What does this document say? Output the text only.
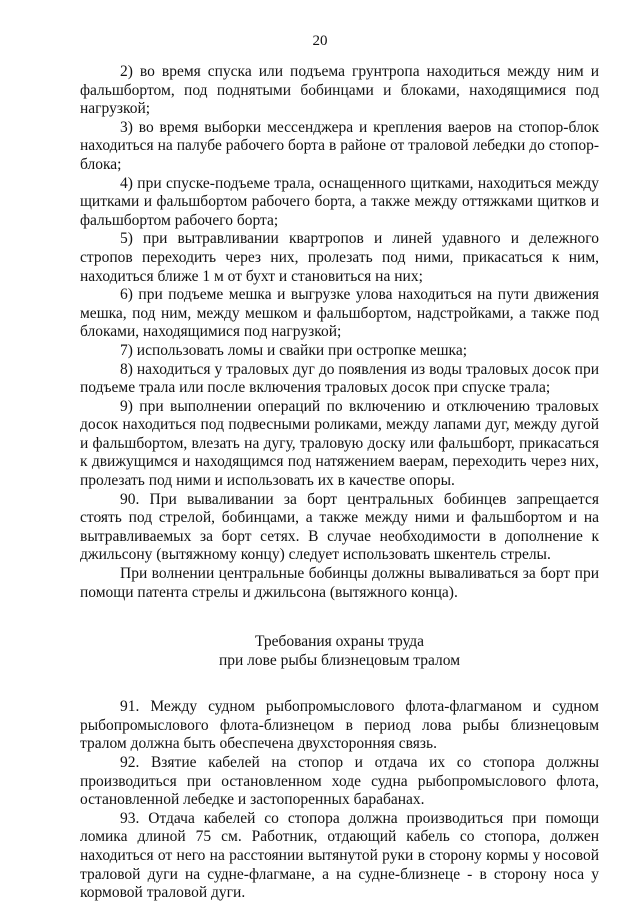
20

2) во время спуска или подъема грунтропа находиться между ним и фальшбортом, под поднятыми бобинцами и блоками, находящимися под нагрузкой;

3) во время выборки мессенджера и крепления ваеров на стопор-блок находиться на палубе рабочего борта в районе от траловой лебедки до стопор-блока;

4) при спуске-подъеме трала, оснащенного щитками, находиться между щитками и фальшбортом рабочего борта, а также между оттяжками щитков и фальшбортом рабочего борта;

5) при вытравливании квартропов и линей удавного и дележного стропов переходить через них, пролезать под ними, прикасаться к ним, находиться ближе 1 м от бухт и становиться на них;

6) при подъеме мешка и выгрузке улова находиться на пути движения мешка, под ним, между мешком и фальшбортом, надстройками, а также под блоками, находящимися под нагрузкой;

7) использовать ломы и свайки при остропке мешка;

8) находиться у траловых дуг до появления из воды траловых досок при подъеме трала или после включения траловых досок при спуске трала;

9) при выполнении операций по включению и отключению траловых досок находиться под подвесными роликами, между лапами дуг, между дугой и фальшбортом, влезать на дугу, траловую доску или фальшборт, прикасаться к движущимся и находящимся под натяжением ваерам, переходить через них, пролезать под ними и использовать их в качестве опоры.

90. При вываливании за борт центральных бобинцев запрещается стоять под стрелой, бобинцами, а также между ними и фальшбортом и на вытравливаемых за борт сетях. В случае необходимости в дополнение к джильсону (вытяжному концу) следует использовать шкентель стрелы.

При волнении центральные бобинцы должны вываливаться за борт при помощи патента стрелы и джильсона (вытяжного конца).

Требования охраны труда
при лове рыбы близнецовым тралом

91. Между судном рыбопромыслового флота-флагманом и судном рыбопромыслового флота-близнецом в период лова рыбы близнецовым тралом должна быть обеспечена двухсторонняя связь.

92. Взятие кабелей на стопор и отдача их со стопора должны производиться при остановленном ходе судна рыбопромыслового флота, остановленной лебедке и застопоренных барабанах.

93. Отдача кабелей со стопора должна производиться при помощи ломика длиной 75 см. Работник, отдающий кабель со стопора, должен находиться от него на расстоянии вытянутой руки в сторону кормы у носовой траловой дуги на судне-флагмане, а на судне-близнеце - в сторону носа у кормовой траловой дуги.
